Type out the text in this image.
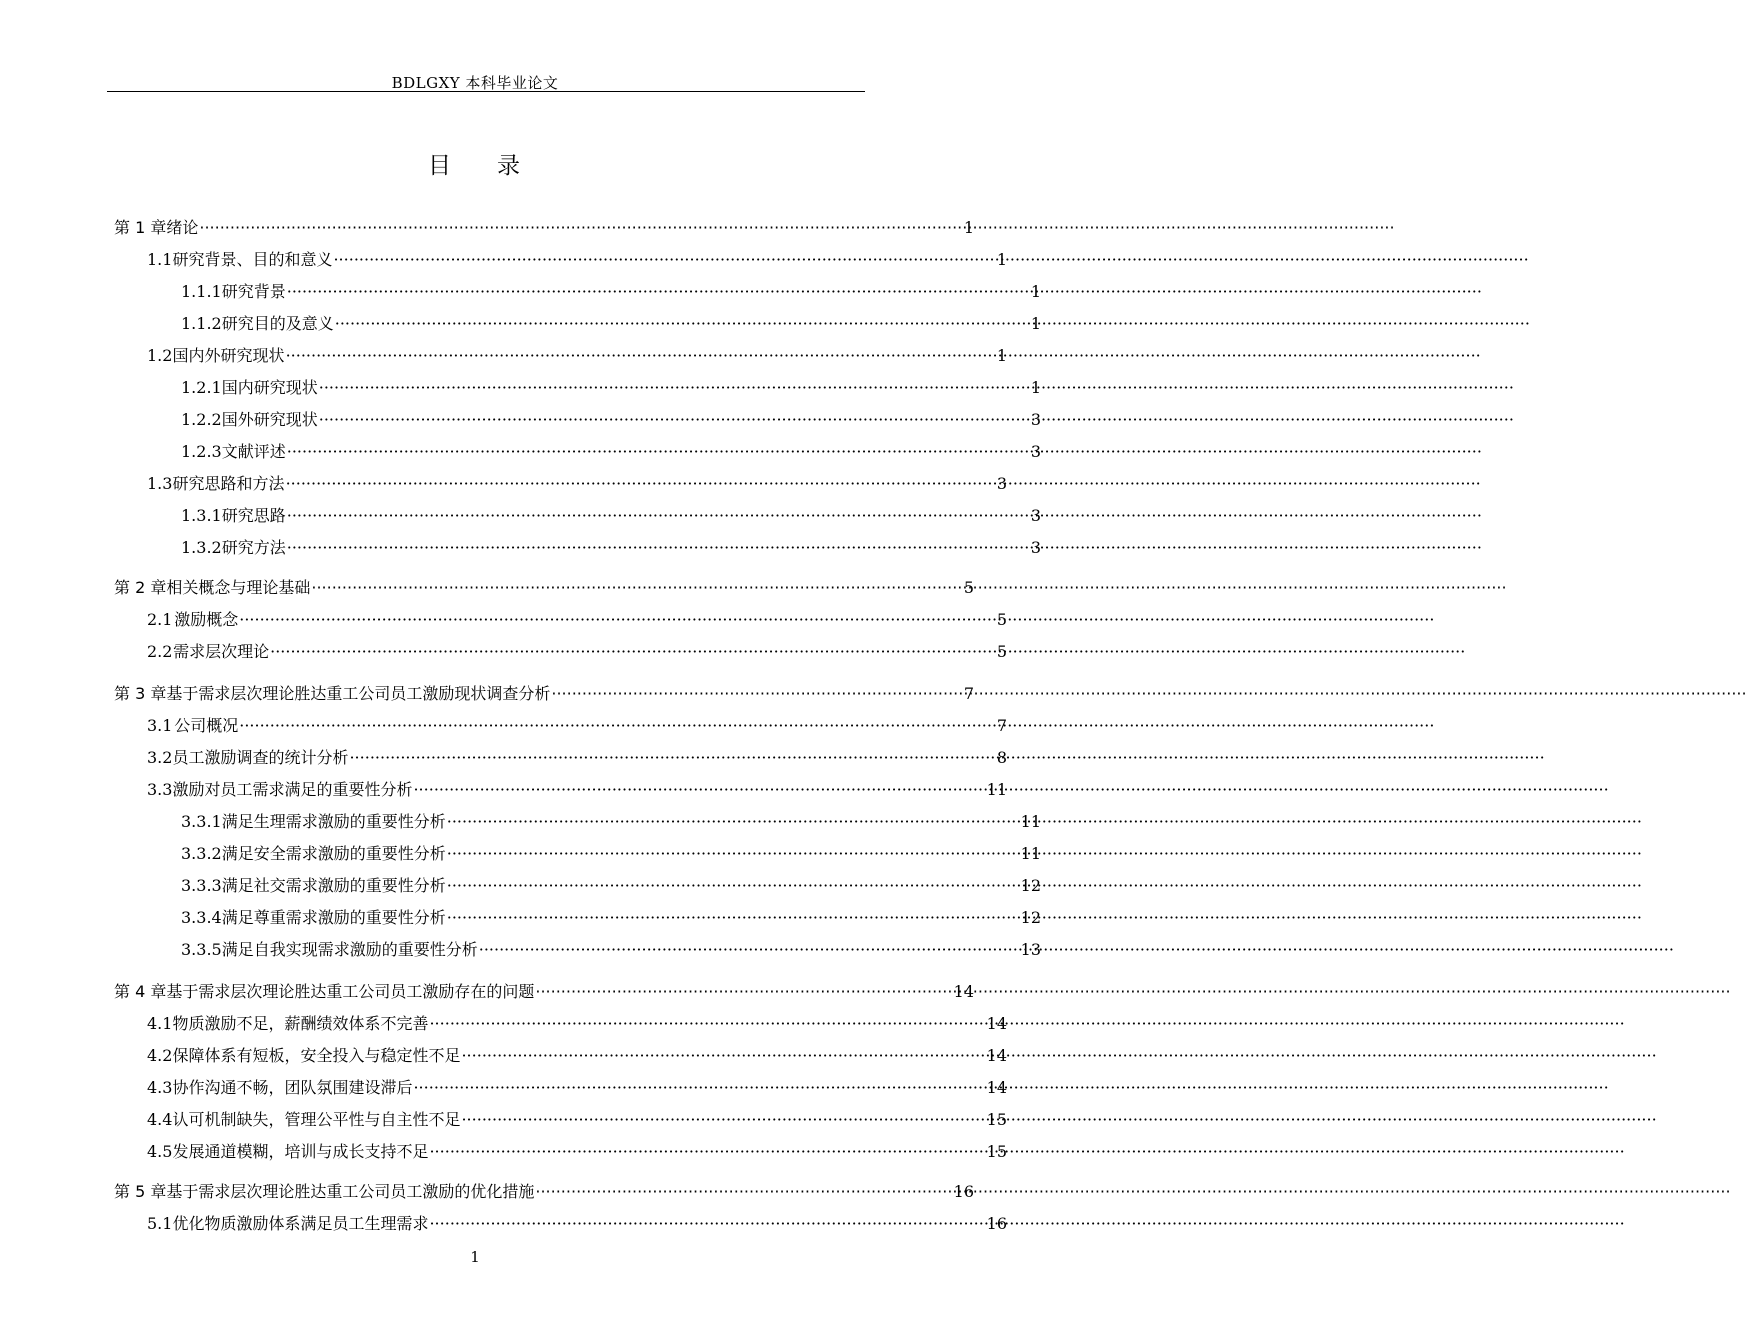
BDLGXY 本科毕业论文
目 录
第 1 章 绪论 ·····	1
1.1 研究背景、目的和意义 ·····	1
1.1.1 研究背景 ·····	1
1.1.2 研究目的及意义 ·····	1
1.2 国内外研究现状 ·····	1
1.2.1 国内研究现状 ·····	1
1.2.2 国外研究现状 ·····	3
1.2.3 文献评述 ·····	3
1.3 研究思路和方法 ·····	3
1.3.1 研究思路 ·····	3
1.3.2 研究方法 ·····	3
第 2 章 相关概念与理论基础 ·····	5
2.1 激励概念 ·····	5
2.2 需求层次理论 ·····	5
第 3 章 基于需求层次理论胜达重工公司员工激励现状调查分析 ·····	7
3.1 公司概况 ·····	7
3.2 员工激励调查的统计分析 ·····	8
3.3 激励对员工需求满足的重要性分析 ·····	11
3.3.1 满足生理需求激励的重要性分析 ·····	11
3.3.2 满足安全需求激励的重要性分析 ·····	11
3.3.3 满足社交需求激励的重要性分析 ·····	12
3.3.4 满足尊重需求激励的重要性分析 ·····	12
3.3.5 满足自我实现需求激励的重要性分析 ·····	13
第 4 章 基于需求层次理论胜达重工公司员工激励存在的问题 ·····	14
4.1 物质激励不足，薪酬绩效体系不完善 ·····	14
4.2 保障体系有短板，安全投入与稳定性不足 ·····	14
4.3 协作沟通不畅，团队氛围建设滞后 ·····	14
4.4 认可机制缺失，管理公平性与自主性不足 ·····	15
4.5 发展通道模糊，培训与成长支持不足 ·····	15
第 5 章 基于需求层次理论胜达重工公司员工激励的优化措施 ·····	16
5.1 优化物质激励体系满足员工生理需求 ·····	16
1
